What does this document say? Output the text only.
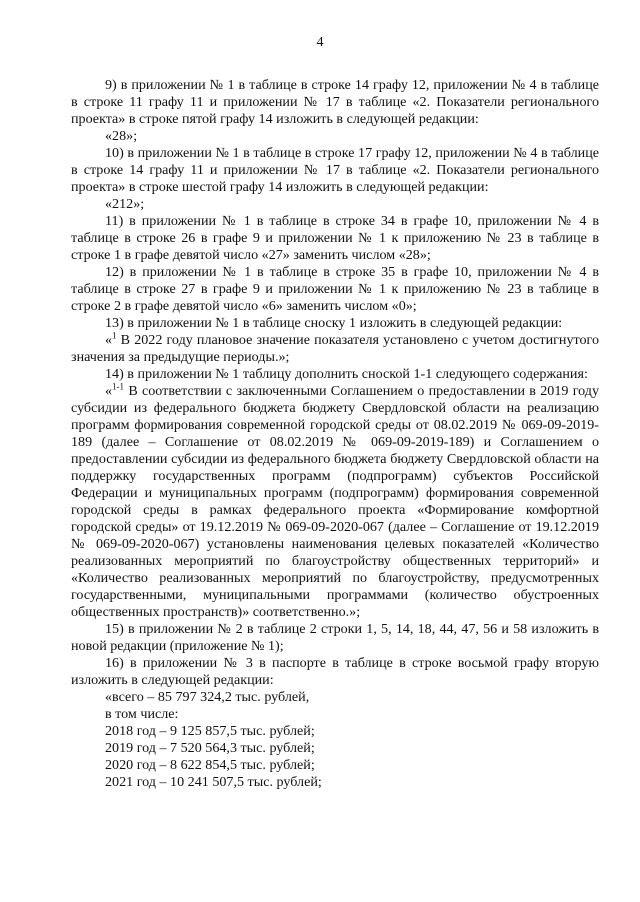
4

9) в приложении № 1 в таблице в строке 14 графу 12, приложении № 4 в таблице в строке 11 графу 11 и приложении № 17 в таблице «2. Показатели регионального проекта» в строке пятой графу 14 изложить в следующей редакции:

«28»;

10) в приложении № 1 в таблице в строке 17 графу 12, приложении № 4 в таблице в строке 14 графу 11 и приложении № 17 в таблице «2. Показатели регионального проекта» в строке шестой графу 14 изложить в следующей редакции:

«212»;

11) в приложении № 1 в таблице в строке 34 в графе 10, приложении № 4 в таблице в строке 26 в графе 9 и приложении № 1 к приложению № 23 в таблице в строке 1 в графе девятой число «27» заменить числом «28»;

12) в приложении № 1 в таблице в строке 35 в графе 10, приложении № 4 в таблице в строке 27 в графе 9 и приложении № 1 к приложению № 23 в таблице в строке 2 в графе девятой число «6» заменить числом «0»;

13) в приложении № 1 в таблице сноску 1 изложить в следующей редакции:

«$^1$ В 2022 году плановое значение показателя установлено с учетом достигнутого значения за предыдущие периоды.»;

14) в приложении № 1 таблицу дополнить сноской 1-1 следующего содержания:

«$^{1-1}$ В соответствии с заключенными Соглашением о предоставлении в 2019 году субсидии из федерального бюджета бюджету Свердловской области на реализацию программ формирования современной городской среды от 08.02.2019 № 069-09-2019-189 (далее – Соглашение от 08.02.2019 № 069-09-2019-189) и Соглашением о предоставлении субсидии из федерального бюджета бюджету Свердловской области на поддержку государственных программ (подпрограмм) субъектов Российской Федерации и муниципальных программ (подпрограмм) формирования современной городской среды в рамках федерального проекта «Формирование комфортной городской среды» от 19.12.2019 № 069-09-2020-067 (далее – Соглашение от 19.12.2019 № 069-09-2020-067) установлены наименования целевых показателей «Количество реализованных мероприятий по благоустройству общественных территорий» и «Количество реализованных мероприятий по благоустройству, предусмотренных государственными, муниципальными программами (количество обустроенных общественных пространств)» соответственно.»;

15) в приложении № 2 в таблице 2 строки 1, 5, 14, 18, 44, 47, 56 и 58 изложить в новой редакции (приложение № 1);

16) в приложении № 3 в паспорте в таблице в строке восьмой графу вторую изложить в следующей редакции:

«всего – 85 797 324,2 тыс. рублей,

в том числе:

2018 год – 9 125 857,5 тыс. рублей;

2019 год – 7 520 564,3 тыс. рублей;

2020 год – 8 622 854,5 тыс. рублей;

2021 год – 10 241 507,5 тыс. рублей;
